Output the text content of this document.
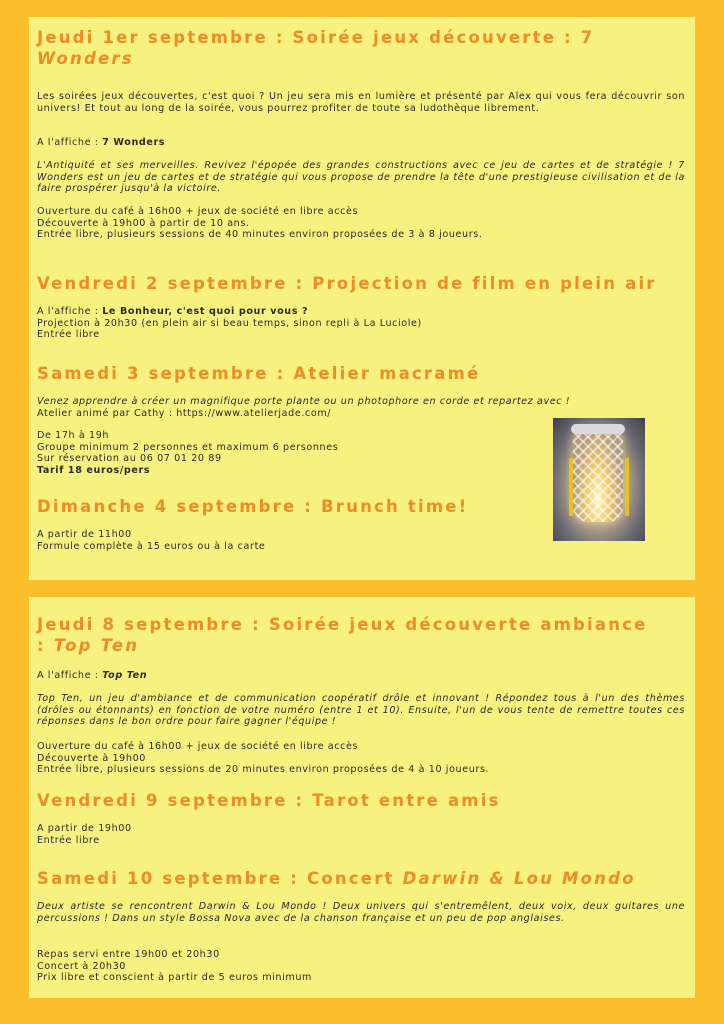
Jeudi 1er septembre : Soirée jeux découverte : 7
Wonders

Les soirées jeux découvertes, c'est quoi ? Un jeu sera mis en lumière et présenté par Alex qui vous fera découvrir son univers! Et tout au long de la soirée, vous pourrez profiter de toute sa ludothèque librement.

A l'affiche : 7 Wonders

L'Antiquité et ses merveilles. Revivez l'épopée des grandes constructions avec ce jeu de cartes et de stratégie ! 7 Wonders est un jeu de cartes et de stratégie qui vous propose de prendre la tête d'une prestigieuse civilisation et de la faire prospérer jusqu'à la victoire.

Ouverture du café à 16h00 + jeux de société en libre accès

Découverte à 19h00 à partir de 10 ans.

Entrée libre, plusieurs sessions de 40 minutes environ proposées de 3 à 8 joueurs.

Vendredi 2 septembre : Projection de film en plein air

A l'affiche : Le Bonheur, c'est quoi pour vous ?

Projection à 20h30 (en plein air si beau temps, sinon repli à La Luciole)

Entrée libre

Samedi 3 septembre : Atelier macramé

Venez apprendre à créer un magnifique porte plante ou un photophore en corde et repartez avec !

Atelier animé par Cathy : https://www.atelierjade.com/

De 17h à 19h

Groupe minimum 2 personnes et maximum 6 personnes

Sur réservation au 06 07 01 20 89

Tarif 18 euros/pers

Dimanche 4 septembre : Brunch time!

A partir de 11h00

Formule complète à 15 euros ou à la carte

Jeudi 8 septembre : Soirée jeux découverte ambiance
: Top Ten

A l'affiche : Top Ten

Top Ten, un jeu d'ambiance et de communication coopératif drôle et innovant ! Répondez tous à l'un des thèmes (drôles ou étonnants) en fonction de votre numéro (entre 1 et 10). Ensuite, l'un de vous tente de remettre toutes ces réponses dans le bon ordre pour faire gagner l'équipe !

Ouverture du café à 16h00 + jeux de société en libre accès

Découverte à 19h00

Entrée libre, plusieurs sessions de 20 minutes environ proposées de 4 à 10 joueurs.

Vendredi 9 septembre : Tarot entre amis

A partir de 19h00

Entrée libre

Samedi 10 septembre : Concert Darwin & Lou Mondo

Deux artiste se rencontrent Darwin & Lou Mondo ! Deux univers qui s'entremêlent, deux voix, deux guitares une percussions ! Dans un style Bossa Nova avec de la chanson française et un peu de pop anglaises.

Repas servi entre 19h00 et 20h30

Concert à 20h30

Prix libre et conscient à partir de 5 euros minimum
